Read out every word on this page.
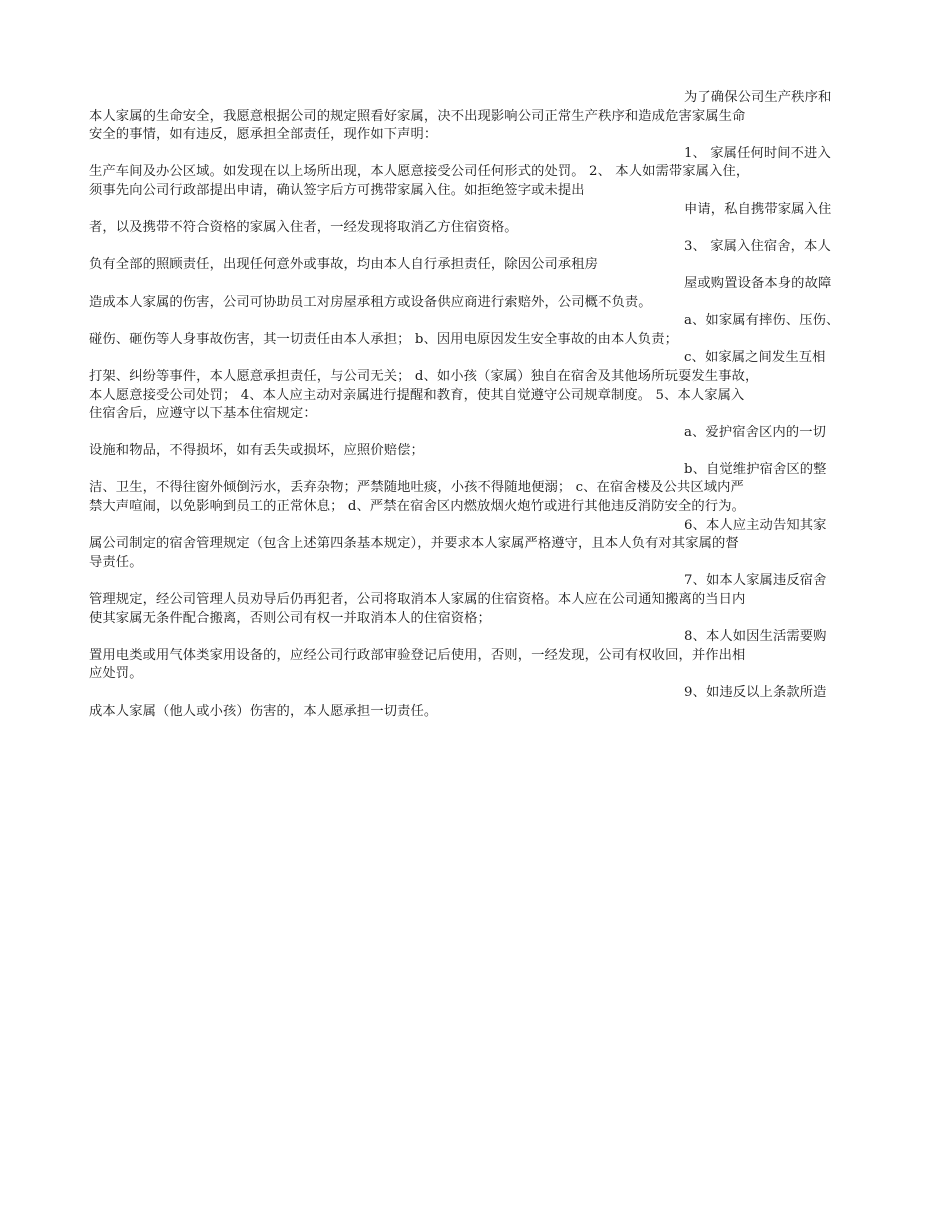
为了确保公司生产秩序和
本人家属的生命安全，我愿意根据公司的规定照看好家属，决不出现影响公司正常生产秩序和造成危害家属生命
安全的事情，如有违反，愿承担全部责任，现作如下声明：
1、 家属任何时间不进入
生产车间及办公区域。如发现在以上场所出现，本人愿意接受公司任何形式的处罚。 2、 本人如需带家属入住，
须事先向公司行政部提出申请，确认签字后方可携带家属入住。如拒绝签字或未提出
申请，私自携带家属入住
者，以及携带不符合资格的家属入住者，一经发现将取消乙方住宿资格。
3、 家属入住宿舍，本人
负有全部的照顾责任，出现任何意外或事故，均由本人自行承担责任，除因公司承租房
屋或购置设备本身的故障
造成本人家属的伤害，公司可协助员工对房屋承租方或设备供应商进行索赔外，公司概不负责。
a、如家属有摔伤、压伤、
碰伤、砸伤等人身事故伤害，其一切责任由本人承担； b、因用电原因发生安全事故的由本人负责；
c、如家属之间发生互相
打架、纠纷等事件，本人愿意承担责任，与公司无关； d、如小孩（家属）独自在宿舍及其他场所玩耍发生事故，
本人愿意接受公司处罚； 4、本人应主动对亲属进行提醒和教育，使其自觉遵守公司规章制度。 5、本人家属入
住宿舍后，应遵守以下基本住宿规定：
a、爱护宿舍区内的一切
设施和物品，不得损坏，如有丢失或损坏，应照价赔偿；
b、自觉维护宿舍区的整
洁、卫生，不得往窗外倾倒污水，丢弃杂物；严禁随地吐痰，小孩不得随地便溺； c、在宿舍楼及公共区域内严
禁大声喧闹，以免影响到员工的正常休息； d、严禁在宿舍区内燃放烟火炮竹或进行其他违反消防安全的行为。
6、本人应主动告知其家
属公司制定的宿舍管理规定（包含上述第四条基本规定），并要求本人家属严格遵守，且本人负有对其家属的督
导责任。
7、如本人家属违反宿舍
管理规定，经公司管理人员劝导后仍再犯者，公司将取消本人家属的住宿资格。本人应在公司通知搬离的当日内
使其家属无条件配合搬离，否则公司有权一并取消本人的住宿资格；
8、本人如因生活需要购
置用电类或用气体类家用设备的，应经公司行政部审验登记后使用，否则，一经发现，公司有权收回，并作出相
应处罚。
9、如违反以上条款所造
成本人家属（他人或小孩）伤害的，本人愿承担一切责任。
